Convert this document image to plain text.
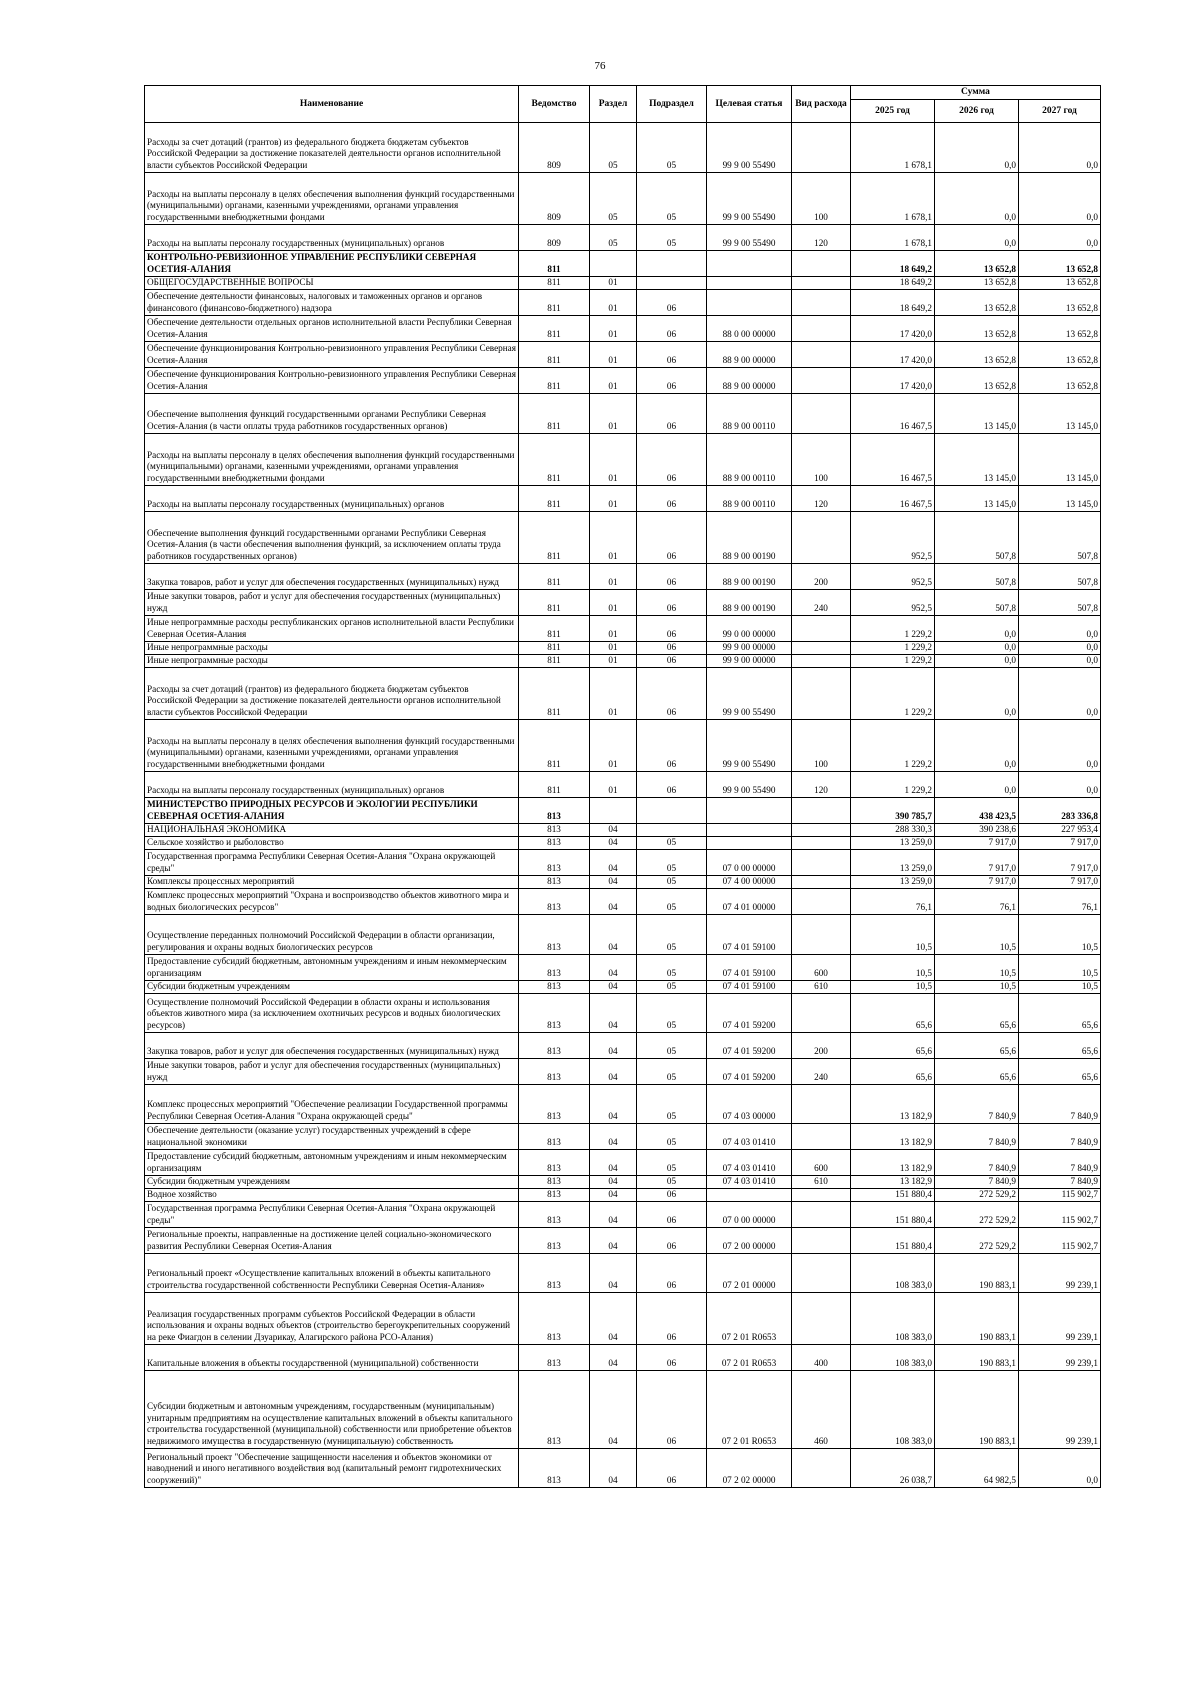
76
Наименование	Ведомство	Раздел	Подраздел	Целевая статья	Вид расхода	Сумма		
						2025 год	2026 год	2027 год
Расходы за счет дотаций (грантов) из федерального бюджета бюджетам субъектов Российской Федерации за достижение показателей деятельности органов исполнительной власти субъектов Российской Федерации	809	05	05	99 9 00 55490		1 678,1	0,0	0,0
Расходы на выплаты персоналу в целях обеспечения выполнения функций государственными (муниципальными) органами, казенными учреждениями, органами управления государственными внебюджетными фондами	809	05	05	99 9 00 55490	100	1 678,1	0,0	0,0
Расходы на выплаты персоналу государственных (муниципальных) органов	809	05	05	99 9 00 55490	120	1 678,1	0,0	0,0
КОНТРОЛЬНО-РЕВИЗИОННОЕ УПРАВЛЕНИЕ РЕСПУБЛИКИ СЕВЕРНАЯ ОСЕТИЯ-АЛАНИЯ	811					18 649,2	13 652,8	13 652,8
ОБЩЕГОСУДАРСТВЕННЫЕ ВОПРОСЫ	811	01				18 649,2	13 652,8	13 652,8
Обеспечение деятельности финансовых, налоговых и таможенных органов и органов финансового (финансово-бюджетного) надзора	811	01	06			18 649,2	13 652,8	13 652,8
Обеспечение деятельности отдельных органов исполнительной власти Республики Северная Осетия-Алания	811	01	06	88 0 00 00000		17 420,0	13 652,8	13 652,8
Обеспечение функционирования Контрольно-ревизионного управления Республики Северная Осетия-Алания	811	01	06	88 9 00 00000		17 420,0	13 652,8	13 652,8
Обеспечение функционирования Контрольно-ревизионного управления Республики Северная Осетия-Алания	811	01	06	88 9 00 00000		17 420,0	13 652,8	13 652,8
Обеспечение выполнения функций государственными органами Республики Северная Осетия-Алания (в части оплаты труда работников государственных органов)	811	01	06	88 9 00 00110		16 467,5	13 145,0	13 145,0
Расходы на выплаты персоналу в целях обеспечения выполнения функций государственными (муниципальными) органами, казенными учреждениями, органами управления государственными внебюджетными фондами	811	01	06	88 9 00 00110	100	16 467,5	13 145,0	13 145,0
Расходы на выплаты персоналу государственных (муниципальных) органов	811	01	06	88 9 00 00110	120	16 467,5	13 145,0	13 145,0
Обеспечение выполнения функций государственными органами Республики Северная Осетия-Алания (в части обеспечения выполнения функций, за исключением оплаты труда работников государственных органов)	811	01	06	88 9 00 00190		952,5	507,8	507,8
Закупка товаров, работ и услуг для обеспечения государственных (муниципальных) нужд	811	01	06	88 9 00 00190	200	952,5	507,8	507,8
Иные закупки товаров, работ и услуг для обеспечения государственных (муниципальных) нужд	811	01	06	88 9 00 00190	240	952,5	507,8	507,8
Иные непрограммные расходы республиканских органов исполнительной власти Республики Северная Осетия-Алания	811	01	06	99 0 00 00000		1 229,2	0,0	0,0
Иные непрограммные расходы	811	01	06	99 9 00 00000		1 229,2	0,0	0,0
Иные непрограммные расходы	811	01	06	99 9 00 00000		1 229,2	0,0	0,0
Расходы за счет дотаций (грантов) из федерального бюджета бюджетам субъектов Российской Федерации за достижение показателей деятельности органов исполнительной власти субъектов Российской Федерации	811	01	06	99 9 00 55490		1 229,2	0,0	0,0
Расходы на выплаты персоналу в целях обеспечения выполнения функций государственными (муниципальными) органами, казенными учреждениями, органами управления государственными внебюджетными фондами	811	01	06	99 9 00 55490	100	1 229,2	0,0	0,0
Расходы на выплаты персоналу государственных (муниципальных) органов	811	01	06	99 9 00 55490	120	1 229,2	0,0	0,0
МИНИСТЕРСТВО ПРИРОДНЫХ РЕСУРСОВ И ЭКОЛОГИИ РЕСПУБЛИКИ СЕВЕРНАЯ ОСЕТИЯ-АЛАНИЯ	813					390 785,7	438 423,5	283 336,8
НАЦИОНАЛЬНАЯ ЭКОНОМИКА	813	04				288 330,3	390 238,6	227 953,4
Сельское хозяйство и рыболовство	813	04	05			13 259,0	7 917,0	7 917,0
Государственная программа Республики Северная Осетия-Алания "Охрана окружающей среды"	813	04	05	07 0 00 00000		13 259,0	7 917,0	7 917,0
Комплексы процессных мероприятий	813	04	05	07 4 00 00000		13 259,0	7 917,0	7 917,0
Комплекс процессных мероприятий "Охрана и воспроизводство объектов животного мира и водных биологических ресурсов"	813	04	05	07 4 01 00000		76,1	76,1	76,1
Осуществление переданных полномочий Российской Федерации в области организации, регулирования и охраны водных биологических ресурсов	813	04	05	07 4 01 59100		10,5	10,5	10,5
Предоставление субсидий бюджетным, автономным учреждениям и иным некоммерческим организациям	813	04	05	07 4 01 59100	600	10,5	10,5	10,5
Субсидии бюджетным учреждениям	813	04	05	07 4 01 59100	610	10,5	10,5	10,5
Осуществление полномочий Российской Федерации в области охраны и использования объектов животного мира (за исключением охотничьих ресурсов и водных биологических ресурсов)	813	04	05	07 4 01 59200		65,6	65,6	65,6
Закупка товаров, работ и услуг для обеспечения государственных (муниципальных) нужд	813	04	05	07 4 01 59200	200	65,6	65,6	65,6
Иные закупки товаров, работ и услуг для обеспечения государственных (муниципальных) нужд	813	04	05	07 4 01 59200	240	65,6	65,6	65,6
Комплекс процессных мероприятий "Обеспечение реализации Государственной программы Республики Северная Осетия-Алания "Охрана окружающей среды"	813	04	05	07 4 03 00000		13 182,9	7 840,9	7 840,9
Обеспечение деятельности (оказание услуг) государственных учреждений в сфере национальной экономики	813	04	05	07 4 03 01410		13 182,9	7 840,9	7 840,9
Предоставление субсидий бюджетным, автономным учреждениям и иным некоммерческим организациям	813	04	05	07 4 03 01410	600	13 182,9	7 840,9	7 840,9
Субсидии бюджетным учреждениям	813	04	05	07 4 03 01410	610	13 182,9	7 840,9	7 840,9
Водное хозяйство	813	04	06			151 880,4	272 529,2	115 902,7
Государственная программа Республики Северная Осетия-Алания "Охрана окружающей среды"	813	04	06	07 0 00 00000		151 880,4	272 529,2	115 902,7
Региональные проекты, направленные на достижение целей социально-экономического развития Республики Северная Осетия-Алания	813	04	06	07 2 00 00000		151 880,4	272 529,2	115 902,7
Региональный проект «Осуществление капитальных вложений в объекты капитального строительства государственной собственности Республики Северная Осетия-Алания»	813	04	06	07 2 01 00000		108 383,0	190 883,1	99 239,1
Реализация государственных программ субъектов Российской Федерации в области использования и охраны водных объектов (строительство берегоукрепительных сооружений на реке Фиагдон в селении Дзуарикау, Алагирского района РСО-Алания)	813	04	06	07 2 01 R0653		108 383,0	190 883,1	99 239,1
Капитальные вложения в объекты государственной (муниципальной) собственности	813	04	06	07 2 01 R0653	400	108 383,0	190 883,1	99 239,1
Субсидии бюджетным и автономным учреждениям, государственным (муниципальным) унитарным предприятиям на осуществление капитальных вложений в объекты капитального строительства государственной (муниципальной) собственности или приобретение объектов недвижимого имущества в государственную (муниципальную) собственность	813	04	06	07 2 01 R0653	460	108 383,0	190 883,1	99 239,1
Региональный проект "Обеспечение защищенности населения и объектов экономики от наводнений и иного негативного воздействия вод (капитальный ремонт гидротехнических сооружений)"	813	04	06	07 2 02 00000		26 038,7	64 982,5	0,0
